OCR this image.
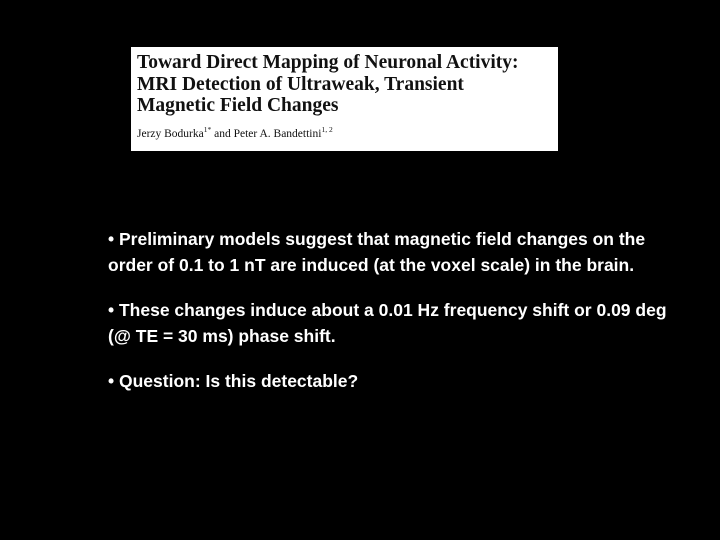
Toward Direct Mapping of Neuronal Activity:
MRI Detection of Ultraweak, Transient
Magnetic Field Changes
Jerzy Bodurka$^{1*}$ and Peter A. Bandettini$^{1, 2}$
• Preliminary models suggest that magnetic field changes on the order of 0.1 to 1 nT are induced (at the voxel scale) in the brain.
• These changes induce about a 0.01 Hz frequency shift or 0.09 deg (@ TE = 30 ms) phase shift.
• Question: Is this detectable?
